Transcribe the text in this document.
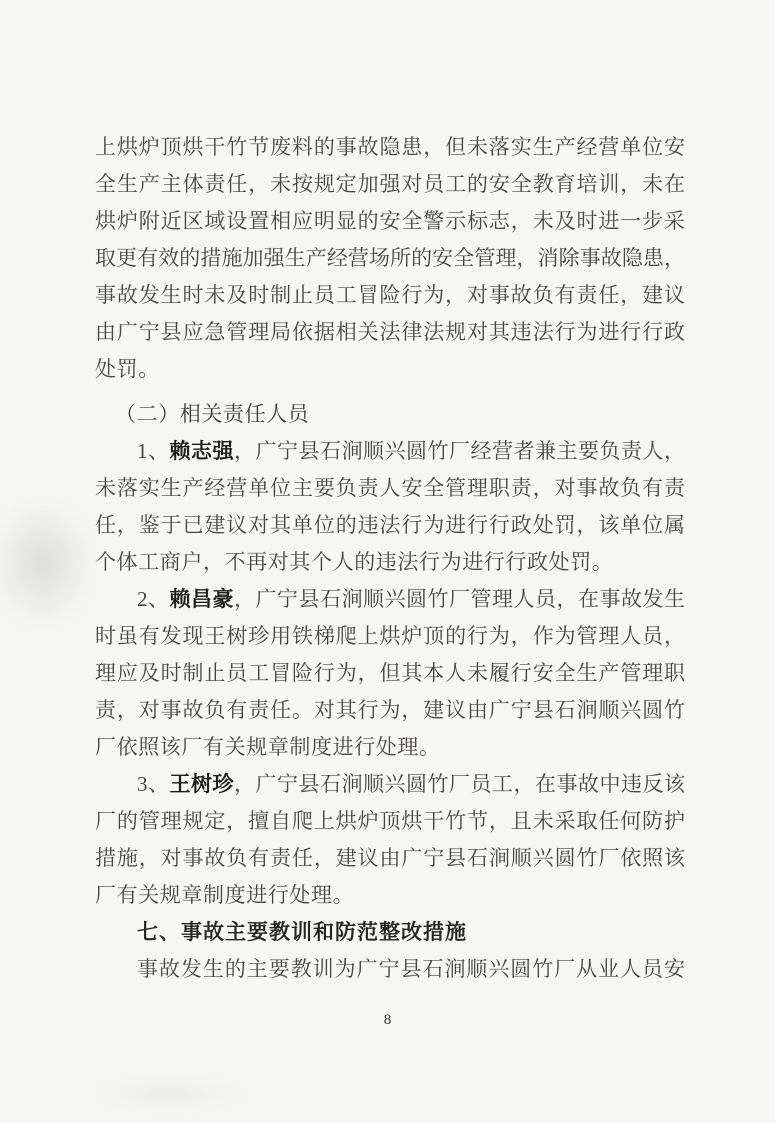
上烘炉顶烘干竹节废料的事故隐患，但未落实生产经营单位安
全生产主体责任，未按规定加强对员工的安全教育培训，未在
烘炉附近区域设置相应明显的安全警示标志，未及时进一步采
取更有效的措施加强生产经营场所的安全管理，消除事故隐患，
事故发生时未及时制止员工冒险行为，对事故负有责任，建议
由广宁县应急管理局依据相关法律法规对其违法行为进行行政
处罚。
（二）相关责任人员
1、赖志强，广宁县石涧顺兴圆竹厂经营者兼主要负责人，
未落实生产经营单位主要负责人安全管理职责，对事故负有责
任，鉴于已建议对其单位的违法行为进行行政处罚，该单位属
个体工商户，不再对其个人的违法行为进行行政处罚。
2、赖昌豪，广宁县石涧顺兴圆竹厂管理人员，在事故发生
时虽有发现王树珍用铁梯爬上烘炉顶的行为，作为管理人员，
理应及时制止员工冒险行为，但其本人未履行安全生产管理职
责，对事故负有责任。对其行为，建议由广宁县石涧顺兴圆竹
厂依照该厂有关规章制度进行处理。
3、王树珍，广宁县石涧顺兴圆竹厂员工，在事故中违反该
厂的管理规定，擅自爬上烘炉顶烘干竹节，且未采取任何防护
措施，对事故负有责任，建议由广宁县石涧顺兴圆竹厂依照该
厂有关规章制度进行处理。
七、事故主要教训和防范整改措施
事故发生的主要教训为广宁县石涧顺兴圆竹厂从业人员安
8
